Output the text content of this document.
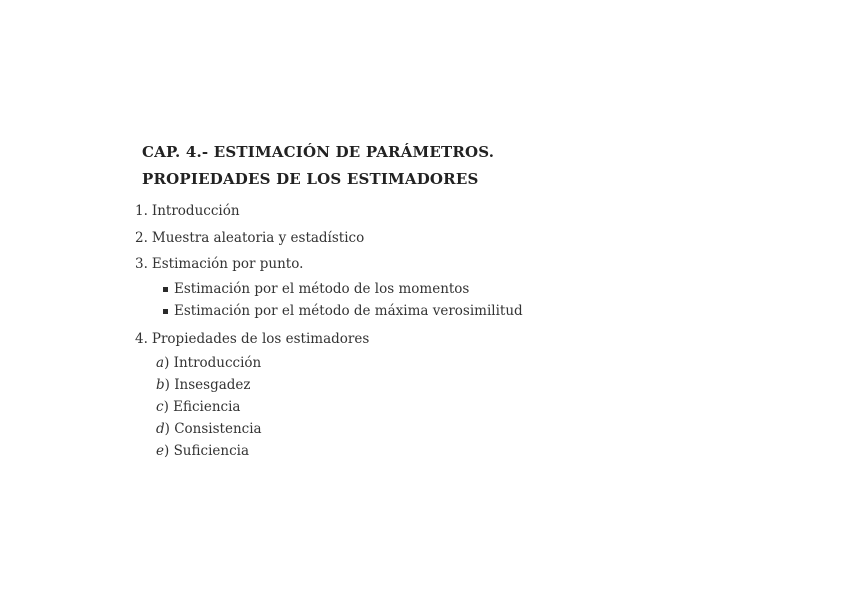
CAP. 4.- ESTIMACIÓN DE PARÁMETROS.
PROPIEDADES DE LOS ESTIMADORES
1. Introducción
2. Muestra aleatoria y estadístico
3. Estimación por punto.
Estimación por el método de los momentos
Estimación por el método de máxima verosimilitud
4. Propiedades de los estimadores
a) Introducción
b) Insesgadez
c) Eficiencia
d) Consistencia
e) Suficiencia
